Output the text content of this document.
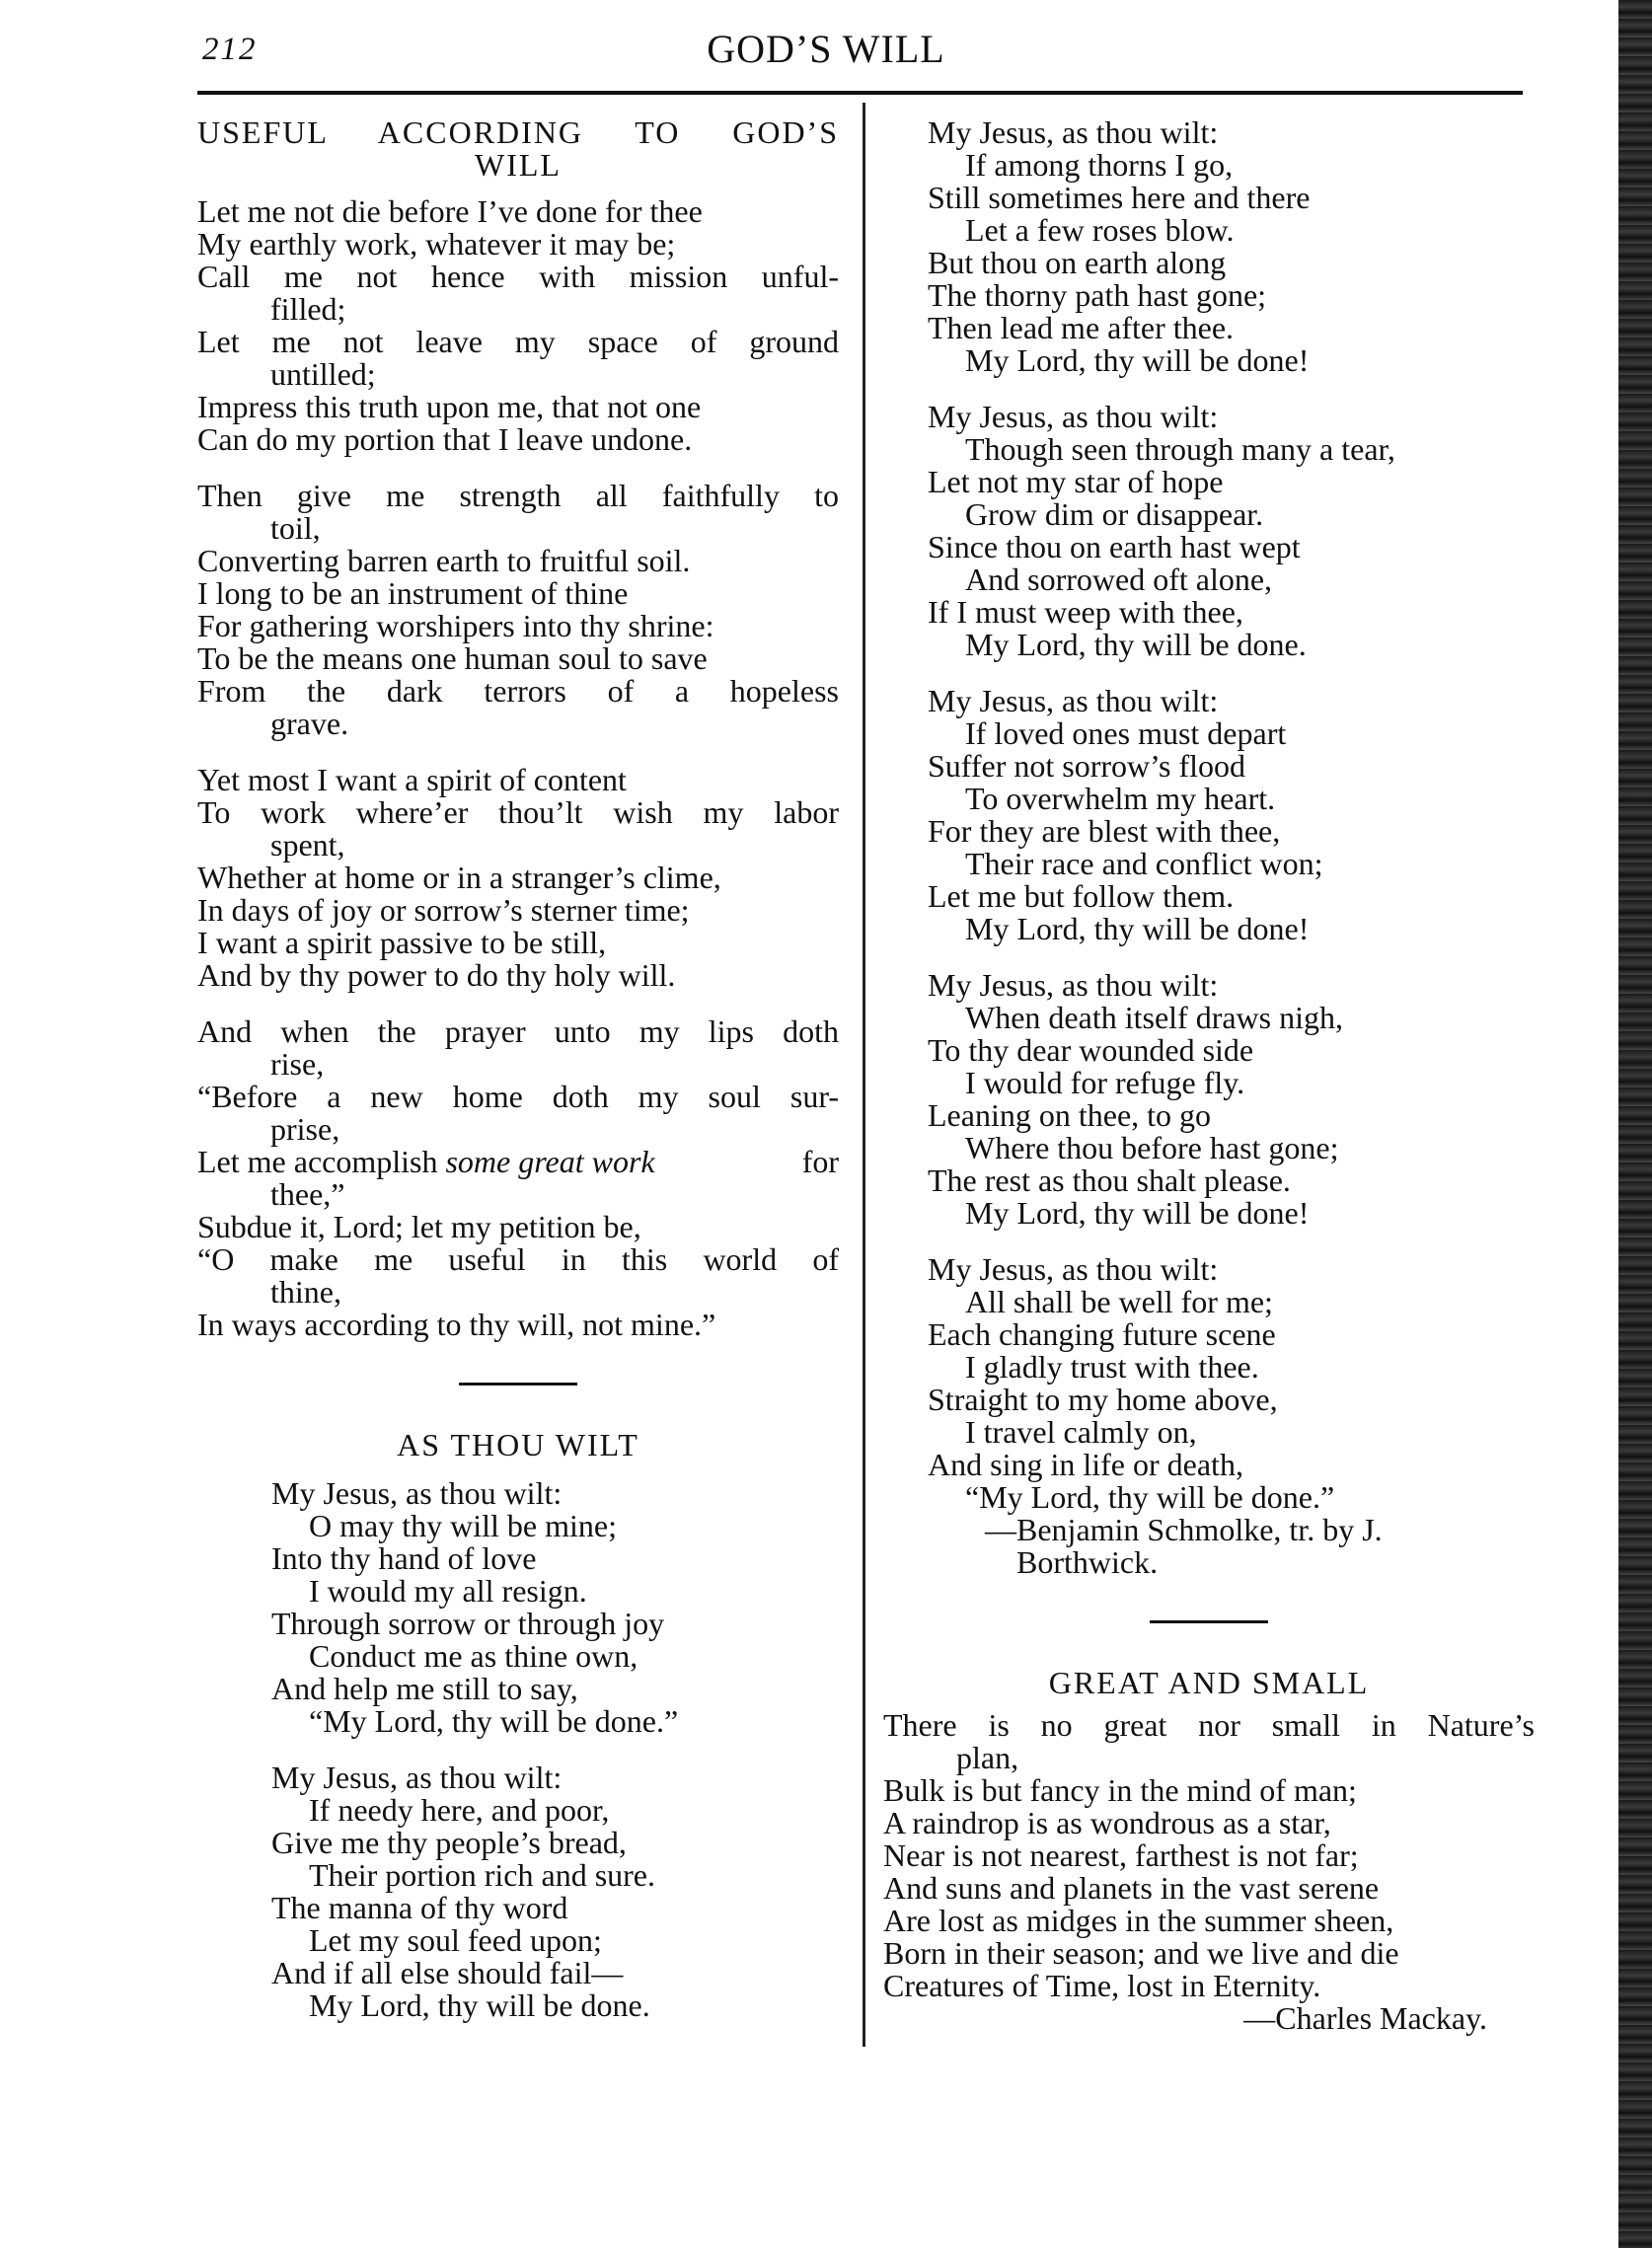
212	GOD’S WILL
USEFUL ACCORDING TO GOD’S
WILL
Let me not die before I’ve done for thee
My earthly work, whatever it may be;
Call me not hence with mission unful-
filled;
Let me not leave my space of ground
untilled;
Impress this truth upon me, that not one
Can do my portion that I leave undone.
Then give me strength all faithfully to
toil,
Converting barren earth to fruitful soil.
I long to be an instrument of thine
For gathering worshipers into thy shrine:
To be the means one human soul to save
From the dark terrors of a hopeless
grave.
Yet most I want a spirit of content
To work where’er thou’lt wish my labor
spent,
Whether at home or in a stranger’s clime,
In days of joy or sorrow’s sterner time;
I want a spirit passive to be still,
And by thy power to do thy holy will.
And when the prayer unto my lips doth
rise,
“Before a new home doth my soul sur-
prise,
Let me accomplish some great work	for
thee,”
Subdue it, Lord; let my petition be,
“O make me useful in this world of
thine,
In ways according to thy will, not mine.”
AS THOU WILT
My Jesus, as thou wilt:
O may thy will be mine;
Into thy hand of love
I would my all resign.
Through sorrow or through joy
Conduct me as thine own,
And help me still to say,
“My Lord, thy will be done.”
My Jesus, as thou wilt:
If needy here, and poor,
Give me thy people’s bread,
Their portion rich and sure.
The manna of thy word
Let my soul feed upon;
And if all else should fail—
My Lord, thy will be done.
My Jesus, as thou wilt:
If among thorns I go,
Still sometimes here and there
Let a few roses blow.
But thou on earth along
The thorny path hast gone;
Then lead me after thee.
My Lord, thy will be done!
My Jesus, as thou wilt:
Though seen through many a tear,
Let not my star of hope
Grow dim or disappear.
Since thou on earth hast wept
And sorrowed oft alone,
If I must weep with thee,
My Lord, thy will be done.
My Jesus, as thou wilt:
If loved ones must depart
Suffer not sorrow’s flood
To overwhelm my heart.
For they are blest with thee,
Their race and conflict won;
Let me but follow them.
My Lord, thy will be done!
My Jesus, as thou wilt:
When death itself draws nigh,
To thy dear wounded side
I would for refuge fly.
Leaning on thee, to go
Where thou before hast gone;
The rest as thou shalt please.
My Lord, thy will be done!
My Jesus, as thou wilt:
All shall be well for me;
Each changing future scene
I gladly trust with thee.
Straight to my home above,
I travel calmly on,
And sing in life or death,
“My Lord, thy will be done.”
—Benjamin Schmolke, tr. by J.
Borthwick.
GREAT AND SMALL
There is no great nor small in Nature’s
plan,
Bulk is but fancy in the mind of man;
A raindrop is as wondrous as a star,
Near is not nearest, farthest is not far;
And suns and planets in the vast serene
Are lost as midges in the summer sheen,
Born in their season; and we live and die
Creatures of Time, lost in Eternity.
—Charles Mackay.
